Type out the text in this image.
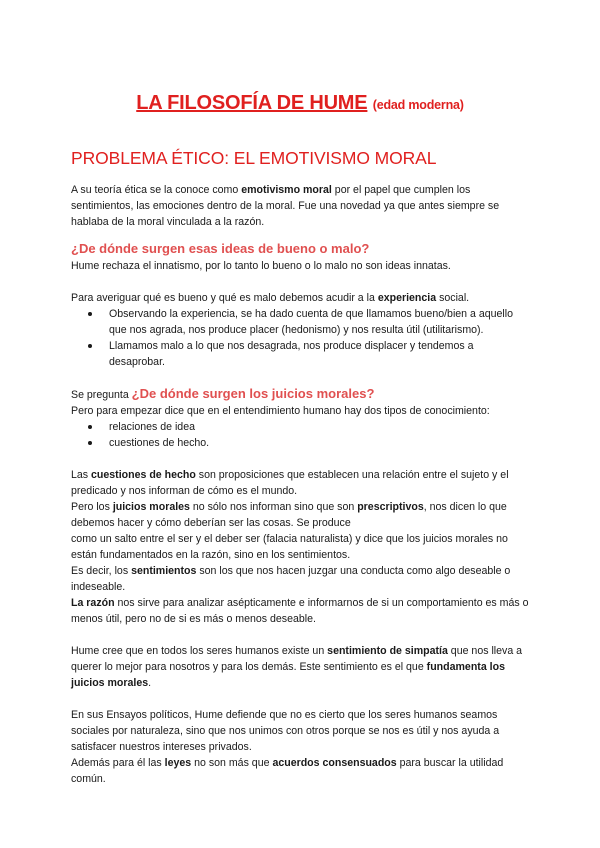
LA FILOSOFÍA DE HUME (edad moderna)
PROBLEMA ÉTICO: EL EMOTIVISMO MORAL

A su teoría ética se la conoce como emotivismo moral por el papel que cumplen los sentimientos, las emociones dentro de la moral. Fue una novedad ya que antes siempre se hablaba de la moral vinculada a la razón.

¿De dónde surgen esas ideas de bueno o malo?

Hume rechaza el innatismo, por lo tanto lo bueno o lo malo no son ideas innatas.

Para averiguar qué es bueno y qué es malo debemos acudir a la experiencia social.

Observando la experiencia, se ha dado cuenta de que llamamos bueno/bien a aquello que nos agrada, nos produce placer (hedonismo) y nos resulta útil (utilitarismo).
Llamamos malo a lo que nos desagrada, nos produce displacer y tendemos a desaprobar.

Se pregunta ¿De dónde surgen los juicios morales?

Pero para empezar dice que en el entendimiento humano hay dos tipos de conocimiento:

relaciones de idea
cuestiones de hecho.

Las cuestiones de hecho son proposiciones que establecen una relación entre el sujeto y el predicado y nos informan de cómo es el mundo.

Pero los juicios morales no sólo nos informan sino que son prescriptivos, nos dicen lo que debemos hacer y cómo deberían ser las cosas. Se produce

como un salto entre el ser y el deber ser (falacia naturalista) y dice que los juicios morales no están fundamentados en la razón, sino en los sentimientos.

Es decir, los sentimientos son los que nos hacen juzgar una conducta como algo deseable o indeseable.

La razón nos sirve para analizar asépticamente e informarnos de si un comportamiento es más o menos útil, pero no de si es más o menos deseable.

Hume cree que en todos los seres humanos existe un sentimiento de simpatía que nos lleva a querer lo mejor para nosotros y para los demás. Este sentimiento es el que fundamenta los juicios morales.

En sus Ensayos políticos, Hume defiende que no es cierto que los seres humanos seamos sociales por naturaleza, sino que nos unimos con otros porque se nos es útil y nos ayuda a satisfacer nuestros intereses privados.

Además para él las leyes no son más que acuerdos consensuados para buscar la utilidad común.
